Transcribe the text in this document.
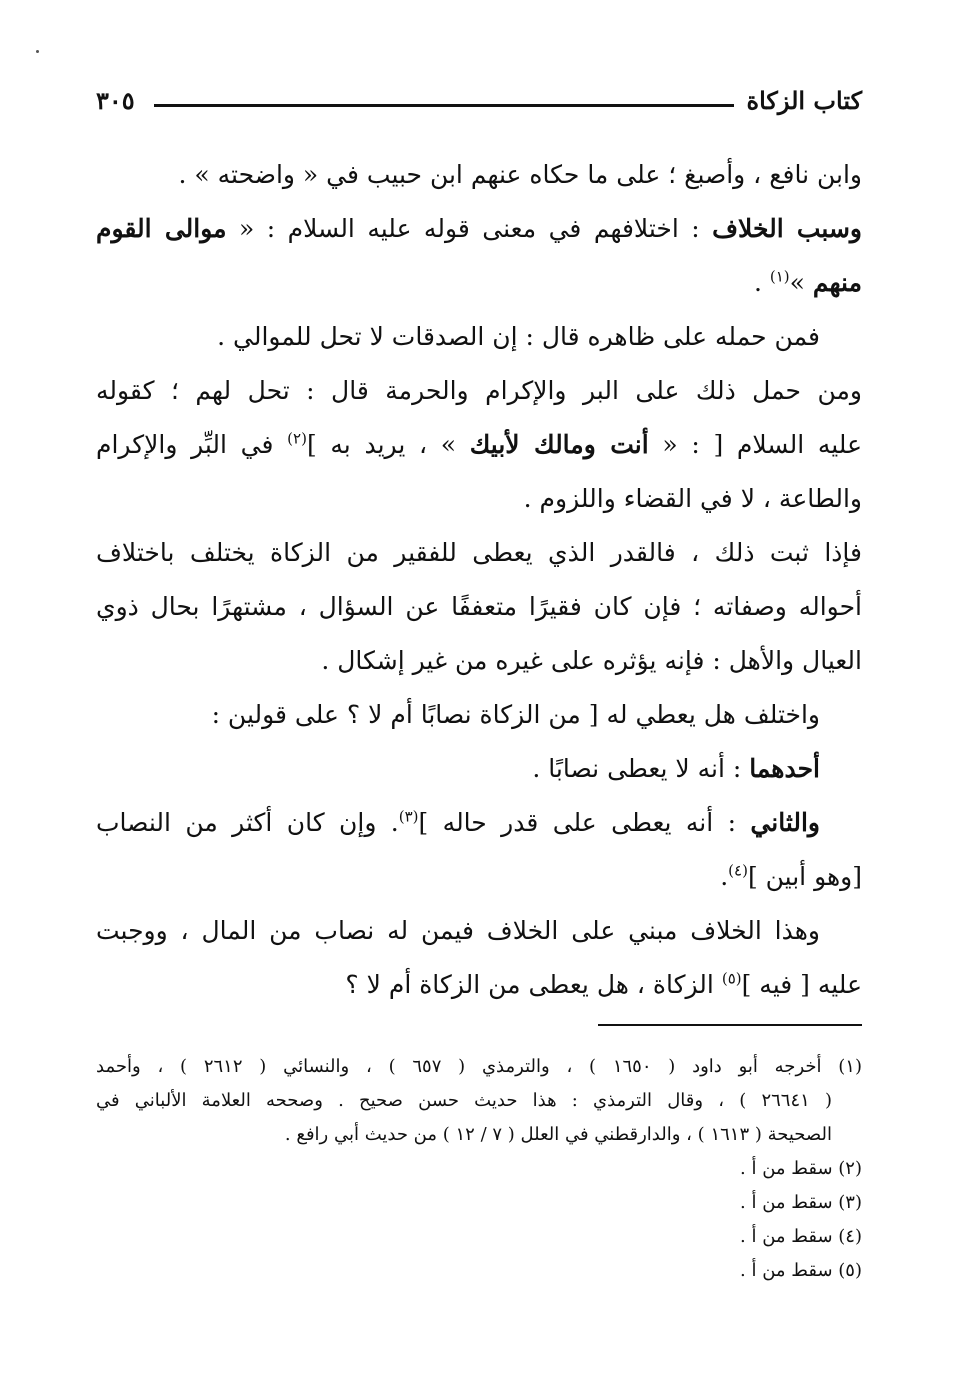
كتاب الزكاة
٣٠٥
وابن نافع ، وأصبغ ؛ على ما حكاه عنهم ابن حبيب في « واضحته » .
وسبب الخلاف : اختلافهم في معنى قوله عليه السلام : « موالى القوم
منهم »$^{(١)}$ .
فمن حمله على ظاهره قال : إن الصدقات لا تحل للموالي .
ومن حمل ذلك على البر والإكرام والحرمة قال : تحل لهم ؛ كقوله
عليه السلام [ : « أنت ومالك لأبيك » ، يريد به ]$^{(٢)}$ في البِّر والإكرام
والطاعة ، لا في القضاء واللزوم .
فإذا ثبت ذلك ، فالقدر الذي يعطى للفقير من الزكاة يختلف باختلاف
أحواله وصفاته ؛ فإن كان فقيرًا متعففًا عن السؤال ، مشتهرًا بحال ذوي
العيال والأهل : فإنه يؤثره على غيره من غير إشكال .
واختلف هل يعطي له [ من الزكاة نصابًا أم لا ؟ على قولين :
أحدهما : أنه لا يعطى نصابًا .
والثاني : أنه يعطى على قدر حاله ]$^{(٣)}$. وإن كان أكثر من النصاب
[وهو أبين ]$^{(٤)}$.
وهذا الخلاف مبني على الخلاف فيمن له نصاب من المال ، ووجبت
عليه [ فيه ]$^{(٥)}$ الزكاة ، هل يعطى من الزكاة أم لا ؟
(١) أخرجه أبو داود ( ١٦٥٠ ) ، والترمذي ( ٦٥٧ ) ، والنسائي ( ٢٦١٢ ) ، وأحمد
( ٢٦٦٤١ ) ، وقال الترمذي : هذا حديث حسن صحيح . وصححه العلامة الألباني في
الصحيحة ( ١٦١٣ ) ، والدارقطني في العلل ( ٧ / ١٢ ) من حديث أبي رافع .
(٢) سقط من أ .
(٣) سقط من أ .
(٤) سقط من أ .
(٥) سقط من أ .
